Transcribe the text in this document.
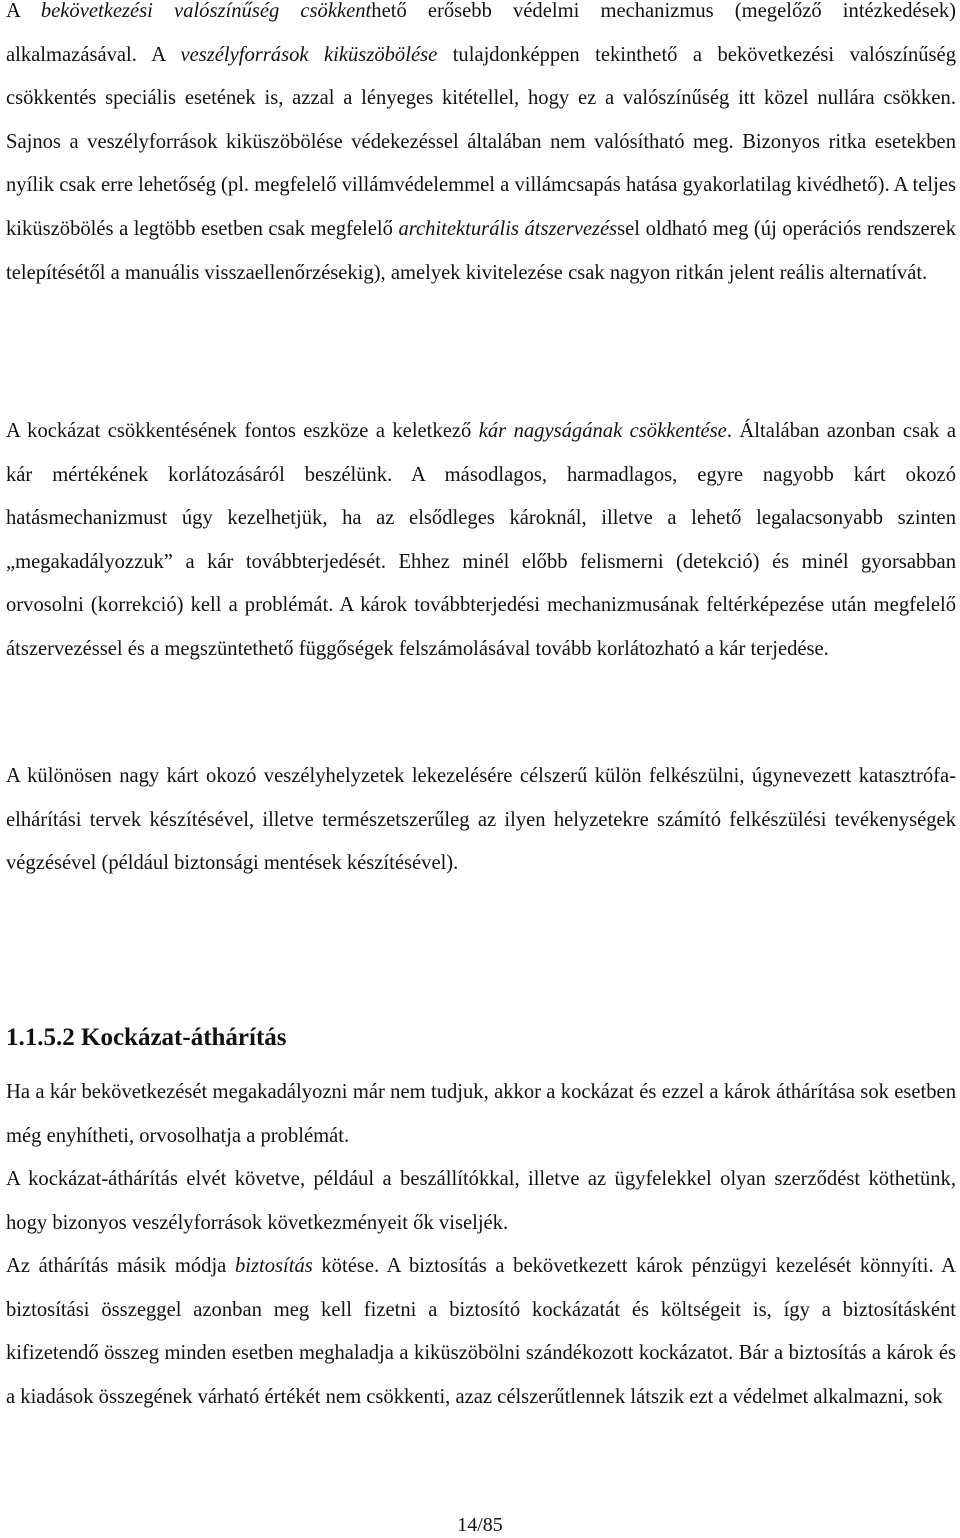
A bekövetkezési valószínűség csökkenthető erősebb védelmi mechanizmus (megelőző intézkedések) alkalmazásával. A veszélyforrások kiküszöbölése tulajdonképpen tekinthető a bekövetkezési valószínűség csökkentés speciális esetének is, azzal a lényeges kitétellel, hogy ez a valószínűség itt közel nullára csökken. Sajnos a veszélyforrások kiküszöbölése védekezéssel általában nem valósítható meg. Bizonyos ritka esetekben nyílik csak erre lehetőség (pl. megfelelő villámvédelemmel a villámcsapás hatása gyakorlatilag kivédhető). A teljes kiküszöbölés a legtöbb esetben csak megfelelő architekturális átszervezéssel oldható meg (új operációs rendszerek telepítésétől a manuális visszaellenőrzésekig), amelyek kivitelezése csak nagyon ritkán jelent reális alternatívát.

A kockázat csökkentésének fontos eszköze a keletkező kár nagyságának csökkentése. Általában azonban csak a kár mértékének korlátozásáról beszélünk. A másodlagos, harmadlagos, egyre nagyobb kárt okozó hatásmechanizmust úgy kezelhetjük, ha az elsődleges károknál, illetve a lehető legalacsonyabb szinten „megakadályozzuk” a kár továbbterjedését. Ehhez minél előbb felismerni (detekció) és minél gyorsabban orvosolni (korrekció) kell a problémát. A károk továbbterjedési mechanizmusának feltérképezése után megfelelő átszervezéssel és a megszüntethető függőségek felszámolásával tovább korlátozható a kár terjedése.

A különösen nagy kárt okozó veszélyhelyzetek lekezelésére célszerű külön felkészülni, úgynevezett katasztrófa-elhárítási tervek készítésével, illetve természetszerűleg az ilyen helyzetekre számító felkészülési tevékenységek végzésével (például biztonsági mentések készítésével).

1.1.5.2 Kockázat-áthárítás

Ha a kár bekövetkezését megakadályozni már nem tudjuk, akkor a kockázat és ezzel a károk áthárítása sok esetben még enyhítheti, orvosolhatja a problémát.

A kockázat-áthárítás elvét követve, például a beszállítókkal, illetve az ügyfelekkel olyan szerződést köthetünk, hogy bizonyos veszélyforrások következményeit ők viseljék.

Az áthárítás másik módja biztosítás kötése. A biztosítás a bekövetkezett károk pénzügyi kezelését könnyíti. A biztosítási összeggel azonban meg kell fizetni a biztosító kockázatát és költségeit is, így a biztosításként kifizetendő összeg minden esetben meghaladja a kiküszöbölni szándékozott kockázatot. Bár a biztosítás a károk és a kiadások összegének várható értékét nem csökkenti, azaz célszerűtlennek látszik ezt a védelmet alkalmazni, sok

14/85
